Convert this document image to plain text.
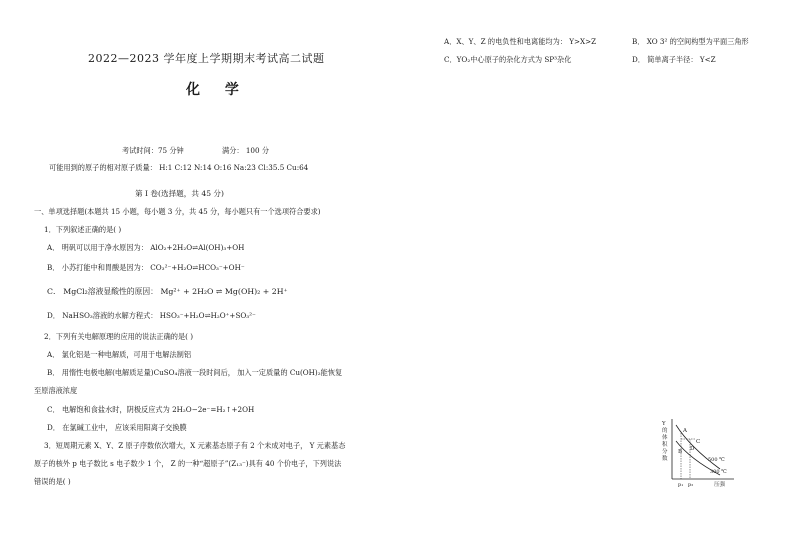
A．X、Y、Z 的电负性和电离能均为： Y>X>Z	B． XO 3² 的空间构型为平面三角形
C．YO₂中心原子的杂化方式为 SP³杂化	D． 简单离子半径： Y<Z
2022—2023 学年度上学期期末考试高二试题
化 学
考试时间：75 分钟	满分： 100 分
可能用到的原子的相对原子质量： H:1 C:12 N:14 O:16 Na:23 Cl:35.5 Cu:64
第 Ⅰ 卷(选择题，共 45 分)
一、单项选择题(本题共 15 小题，每小题 3 分，共 45 分，每小题只有一个选项符合要求)
1．下列叙述正确的是( )
A． 明矾可以用于净水原因为： AlO₂+2H₂O⇌Al(OH)₃+OH
B． 小苏打能中和胃酸是因为： CO₃²⁻+H₂O⇌HCO₃⁻+OH⁻
C． MgCl₂溶液显酸性的原因： Mg²⁺ + 2H₂O ⇌ Mg(OH)₂ + 2H⁺
D． NaHSO₃溶液的水解方程式： HSO₃⁻+H₂O⇌H₂O⁺+SO₃²⁻
2．下列有关电解原理的应用的说法正确的是( )
A． 氯化铝是一种电解质，可用于电解法制铝
B． 用惰性电极电解(电解质足量)CuSO₄溶液一段时间后， 加入一定质量的 Cu(OH)₂能恢复
至原溶液浓度
C． 电解饱和食盐水时，阴极反应式为 2H₂O−2e⁻=H₂↑+2OH
D． 在氯碱工业中， 应该采用阳离子交换膜
3．短周期元素 X、Y、Z 原子序数依次增大，X 元素基态原子有 2 个未成对电子， Y 元素基态
原子的核外 p 电子数比 s 电子数少 1 个， Z 的一种“超原子”(Z₁₃⁻)具有 40 个价电子，下列说法
错误的是( )
Y
的
体
积
分
数
A
B
C
D
500 ℃
300 ℃
p₁ p₂	压强
